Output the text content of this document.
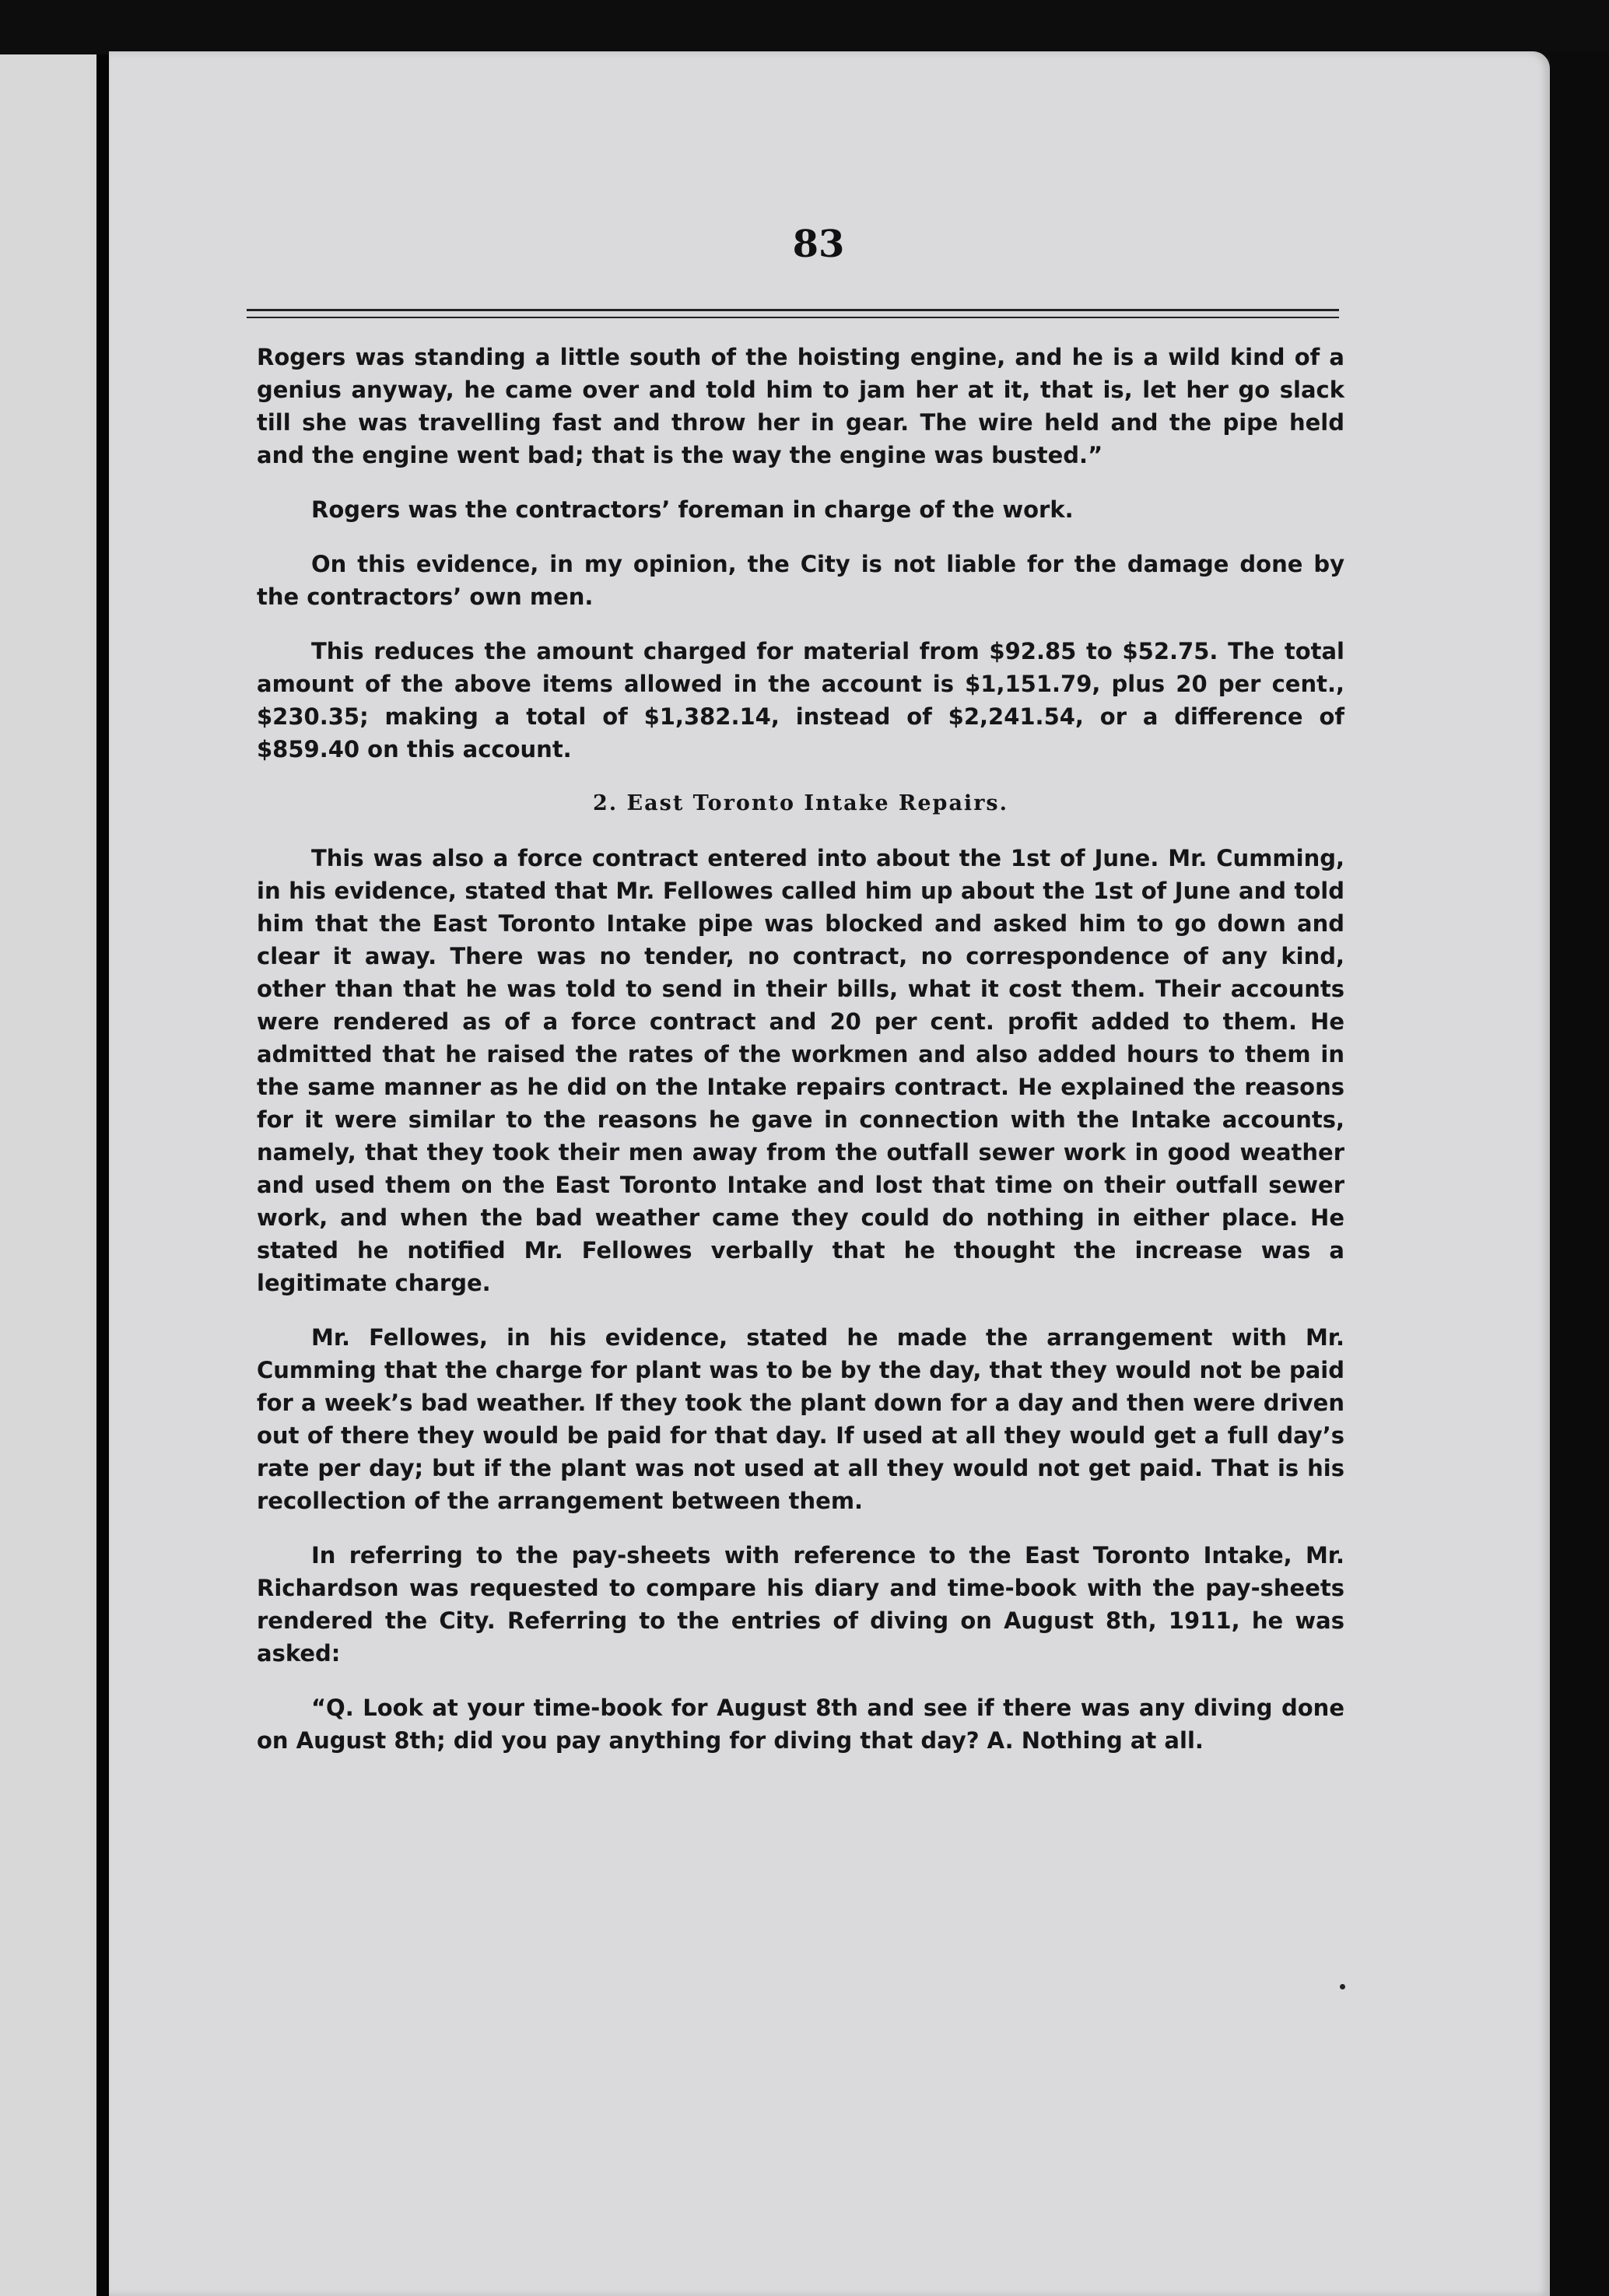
83

Rogers was standing a little south of the hoisting engine, and he is a wild kind of a genius anyway, he came over and told him to jam her at it, that is, let her go slack till she was travelling fast and throw her in gear. The wire held and the pipe held and the engine went bad; that is the way the engine was busted.”

Rogers was the contractors’ foreman in charge of the work.

On this evidence, in my opinion, the City is not liable for the damage done by the contractors’ own men.

This reduces the amount charged for material from $92.85 to $52.75. The total amount of the above items allowed in the account is $1,151.79, plus 20 per cent., $230.35; making a total of $1,382.14, instead of $2,241.54, or a difference of $859.40 on this account.

2. East Toronto Intake Repairs.

This was also a force contract entered into about the 1st of June. Mr. Cumming, in his evidence, stated that Mr. Fellowes called him up about the 1st of June and told him that the East Toronto Intake pipe was blocked and asked him to go down and clear it away. There was no tender, no contract, no correspondence of any kind, other than that he was told to send in their bills, what it cost them. Their accounts were rendered as of a force contract and 20 per cent. profit added to them. He admitted that he raised the rates of the workmen and also added hours to them in the same manner as he did on the Intake repairs contract. He explained the reasons for it were similar to the reasons he gave in connection with the Intake accounts, namely, that they took their men away from the outfall sewer work in good weather and used them on the East Toronto Intake and lost that time on their outfall sewer work, and when the bad weather came they could do nothing in either place. He stated he notified Mr. Fellowes verbally that he thought the increase was a legitimate charge.

Mr. Fellowes, in his evidence, stated he made the arrangement with Mr. Cumming that the charge for plant was to be by the day, that they would not be paid for a week’s bad weather. If they took the plant down for a day and then were driven out of there they would be paid for that day. If used at all they would get a full day’s rate per day; but if the plant was not used at all they would not get paid. That is his recollection of the arrangement between them.

In referring to the pay-sheets with reference to the East Toronto Intake, Mr. Richardson was requested to compare his diary and time-book with the pay-sheets rendered the City. Referring to the entries of diving on August 8th, 1911, he was asked:

“Q. Look at your time-book for August 8th and see if there was any diving done on August 8th; did you pay anything for diving that day? A. Nothing at all.
